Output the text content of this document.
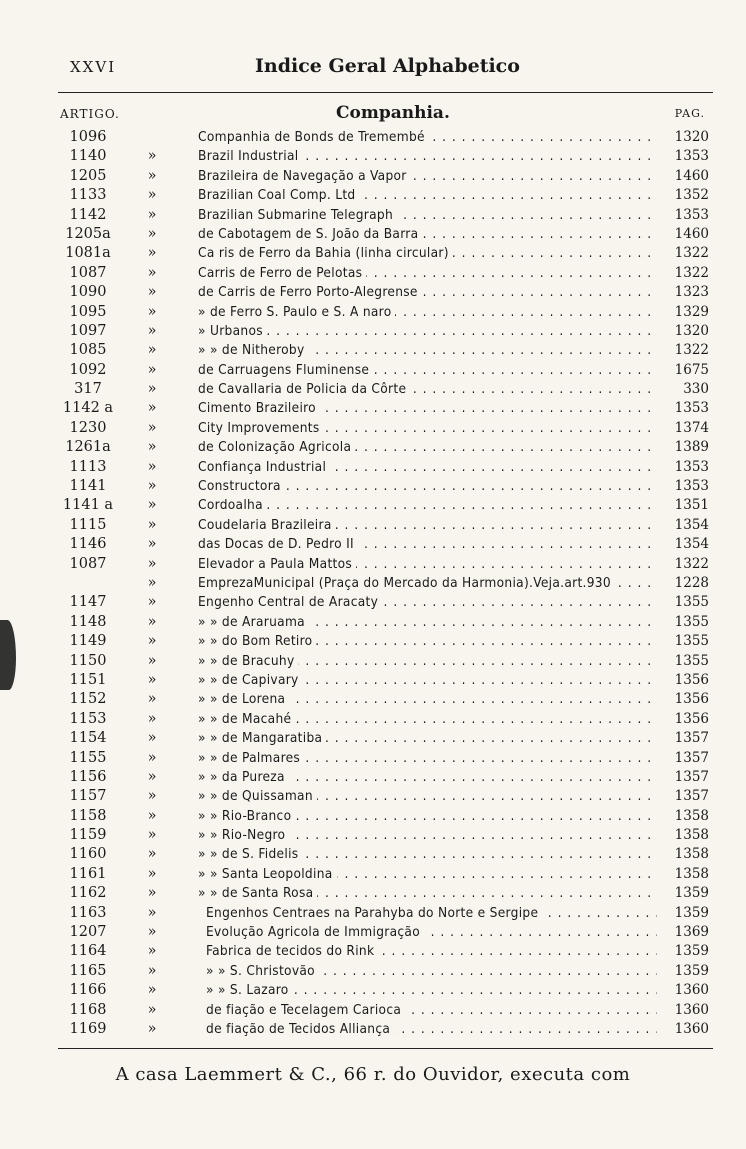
XXVI	Indice Geral Alphabetico
ARTIGO.	Companhia.	PAG.
1096	Companhia de Bonds de Tremembé . . .	1320
1140	»	Brazil Industrial . . .	1353
1205	»	Brazileira de Navegação a Vapor . . .	1460
1133	»	Brazilian Coal Comp. Ltd . . .	1352
1142	»	Brazilian Submarine Telegraph . . .	1353
1205a	»	de Cabotagem de S. João da Barra . . .	1460
1081a	»	Ca ris de Ferro da Bahia (linha circular) . . .	1322
1087	»	Carris de Ferro de Pelotas . . .	1322
1090	»	de Carris de Ferro Porto-Alegrense . . .	1323
1095	»	» de Ferro S. Paulo e S. A naro . . .	1329
1097	»	» Urbanos . . .	1320
1085	»	» » de Nitheroby . . .	1322
1092	»	de Carruagens Fluminense . . .	1675
317	»	de Cavallaria de Policia da Côrte . . .	330
1142 a	»	Cimento Brazileiro . . .	1353
1230	»	City Improvements . . .	1374
1261a	»	de Colonização Agricola . . .	1389
1113	»	Confiança Industrial . . .	1353
1141	»	Constructora . . .	1353
1141 a	»	Cordoalha . . .	1351
1115	»	Coudelaria Brazileira . . .	1354
1146	»	das Docas de D. Pedro II . . .	1354
1087	»	Elevador a Paula Mattos . . .	1322
»	EmprezaMunicipal (Praça do Mercado da Harmonia).Veja.art.930 . . .	1228
1147	»	Engenho Central de Aracaty . . .	1355
1148	»	» » de Araruama . . .	1355
1149	»	» » do Bom Retiro . . .	1355
1150	»	» » de Bracuhy . . .	1355
1151	»	» » de Capivary . . .	1356
1152	»	» » de Lorena . . .	1356
1153	»	» » de Macahé . . .	1356
1154	»	» » de Mangaratiba . . .	1357
1155	»	» » de Palmares . . .	1357
1156	»	» » da Pureza . . .	1357
1157	»	» » de Quissaman . . .	1357
1158	»	» » Rio-Branco . . .	1358
1159	»	» » Rio-Negro . . .	1358
1160	»	» » de S. Fidelis . . .	1358
1161	»	» » Santa Leopoldina . . .	1358
1162	»	» » de Santa Rosa . . .	1359
1163	»	Engenhos Centraes na Parahyba do Norte e Sergipe . . .	1359
1207	»	Evolução Agricola de Immigração . . .	1369
1164	»	Fabrica de tecidos do Rink . . .	1359
1165	»	» » S. Christovão . . .	1359
1166	»	» » S. Lazaro . . .	1360
1168	»	de fiação e Tecelagem Carioca . . .	1360
1169	»	de fiação de Tecidos Alliança . . .	1360
A casa Laemmert & C., 66 r. do Ouvidor, executa com
